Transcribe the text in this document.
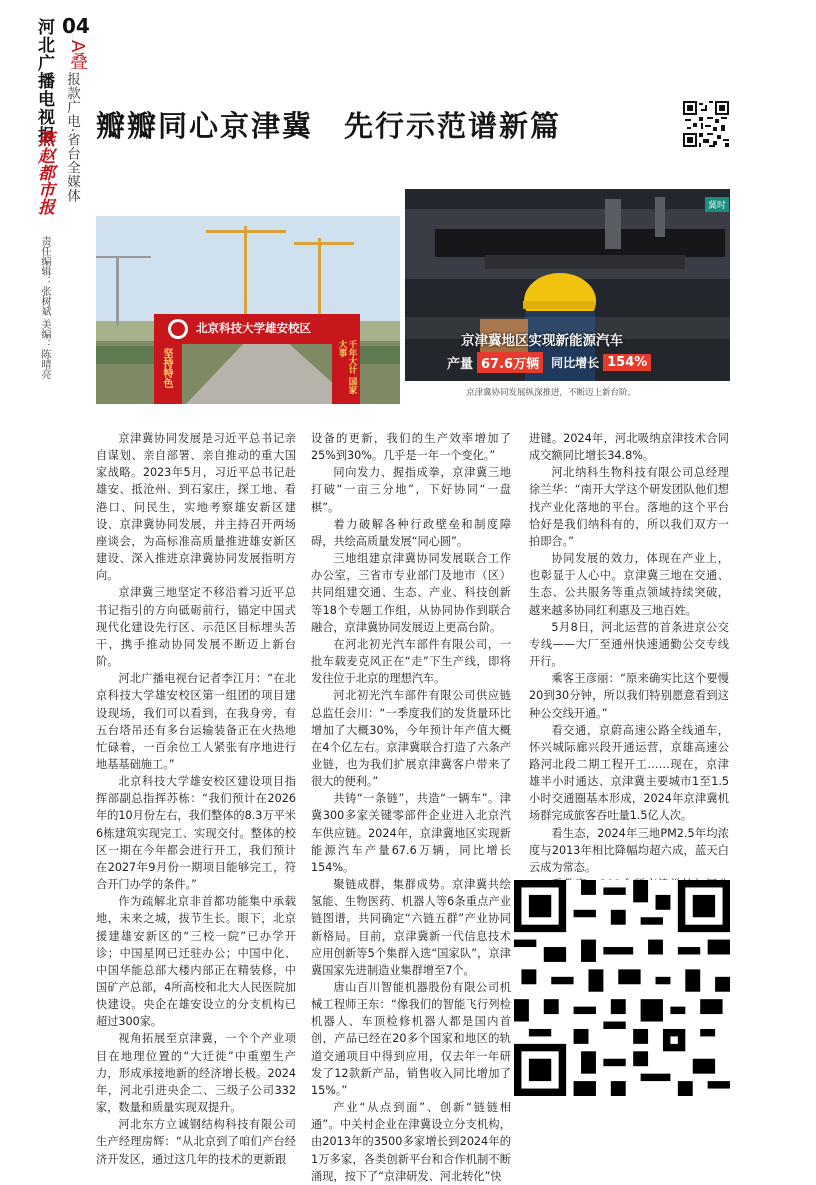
河北广播电视报
燕赵都市报
责任编辑：张树斌 美编：陈晴亮
04
A叠
报款广电·省台全媒体 瓣瓣同心京津冀　先行示范谱新篇
北京科技大学雄安校区
坚持特色	千年大计 国家大事
冀时
京津冀地区实现新能源汽车
产量 67.6万辆	同比增长 154%
京津冀协同发展纵深推进，不断迈上新台阶。

京津冀协同发展是习近平总书记亲自谋划、亲自部署、亲自推动的重大国家战略。2023年5月，习近平总书记赴雄安、抵沧州、到石家庄，探工地、看港口、问民生，实地考察雄安新区建设、京津冀协同发展，并主持召开两场座谈会，为高标准高质量推进雄安新区建设、深入推进京津冀协同发展指明方向。

京津冀三地坚定不移沿着习近平总书记指引的方向砥砺前行，锚定中国式现代化建设先行区、示范区目标埋头苦干，携手推动协同发展不断迈上新台阶。

河北广播电视台记者李江月：“在北京科技大学雄安校区第一组团的项目建设现场，我们可以看到，在我身旁，有五台塔吊还有多台运输装备正在火热地忙碌着，一百余位工人紧张有序地进行地基基础施工。”

北京科技大学雄安校区建设项目指挥部副总指挥苏栋：“我们预计在2026年的10月份左右，我们整体的8.3万平米6栋建筑实现完工、实现交付。整体的校区一期在今年都会进行开工，我们预计在2027年9月份一期项目能够完工，符合开门办学的条件。”

作为疏解北京非首都功能集中承载地，未来之城，拔节生长。眼下，北京援建雄安新区的“三校一院”已办学开诊；中国星网已迁驻办公；中国中化、中国华能总部大楼内部正在精装修，中国矿产总部，4所高校和北大人民医院加快建设。央企在雄安设立的分支机构已超过300家。

视角拓展至京津冀，一个个产业项目在地理位置的“大迁徙”中重塑生产力，形成承接地新的经济增长极。2024年，河北引进央企二、三级子公司332家，数量和质量实现双提升。

河北东方立诚钢结构科技有限公司生产经理房辉：“从北京到了咱们产台经济开发区，通过这几年的技术的更新跟

设备的更新，我们的生产效率增加了25%到30%。几乎是一年一个变化。”

同向发力、握指成拳，京津冀三地打破“一亩三分地”，下好协同“一盘棋”。

着力破解各种行政壁垒和制度障碍，共绘高质量发展“同心圆”。

三地组建京津冀协同发展联合工作办公室，三省市专业部门及地市（区）共同组建交通、生态、产业、科技创新等18个专题工作组，从协同协作到联合融合，京津冀协同发展迈上更高台阶。

在河北初光汽车部件有限公司，一批车载麦克风正在“走”下生产线，即将发往位于北京的理想汽车。

河北初光汽车部件有限公司供应链总监任会川：“一季度我们的发货量环比增加了大概30%，今年预计年产值大概在4个亿左右。京津冀联合打造了六条产业链，也为我们扩展京津冀客户带来了很大的便利。”

共铸“一条链”，共造“一辆车”。津冀300多家关键零部件企业进入北京汽车供应链。2024年，京津冀地区实现新能源汽车产量67.6万辆，同比增长154%。

聚链成群，集群成势。京津冀共绘氢能、生物医药、机器人等6条重点产业链图谱，共同确定“六链五群”产业协同新格局。目前，京津冀新一代信息技术应用创新等5个集群入选“国家队”，京津冀国家先进制造业集群增至7个。

唐山百川智能机器股份有限公司机械工程师王东：“像我们的智能飞行列检机器人、车顶检修机器人都是国内首创，产品已经在20多个国家和地区的轨道交通项目中得到应用，仅去年一年研发了12款新产品，销售收入同比增加了15%。”

产业“从点到面”、创新“链链相通”。中关村企业在津冀设立分支机构，由2013年的3500多家增长到2024年的1万多家，各类创新平台和合作机制不断涌现，按下了“京津研发、河北转化”快

进键。2024年，河北吸纳京津技术合同成交额同比增长34.8%。

河北纳科生物科技有限公司总经理徐兰华：“南开大学这个研发团队他们想找产业化落地的平台。落地的这个平台恰好是我们纳科有的，所以我们双方一拍即合。”

协同发展的效力，体现在产业上，也彰显于人心中。京津冀三地在交通、生态、公共服务等重点领域持续突破，越来越多协同红利惠及三地百姓。

5月8日，河北运营的首条进京公交专线——大厂至通州快速通勤公交专线开行。

乘客王彦丽：“原来确实比这个要慢20到30分钟，所以我们特别愿意看到这种公交线开通。”

看交通，京蔚高速公路全线通车，怀兴城际廊兴段开通运营，京雄高速公路河北段二期工程开工……现在，京津雄半小时通达、京津冀主要城市1至1.5小时交通圈基本形成，2024年京津冀机场群完成旅客吞吐量1.5亿人次。

看生态，2024年三地PM2.5年均浓度与2013年相比降幅均超六成，蓝天白云成为常态。
